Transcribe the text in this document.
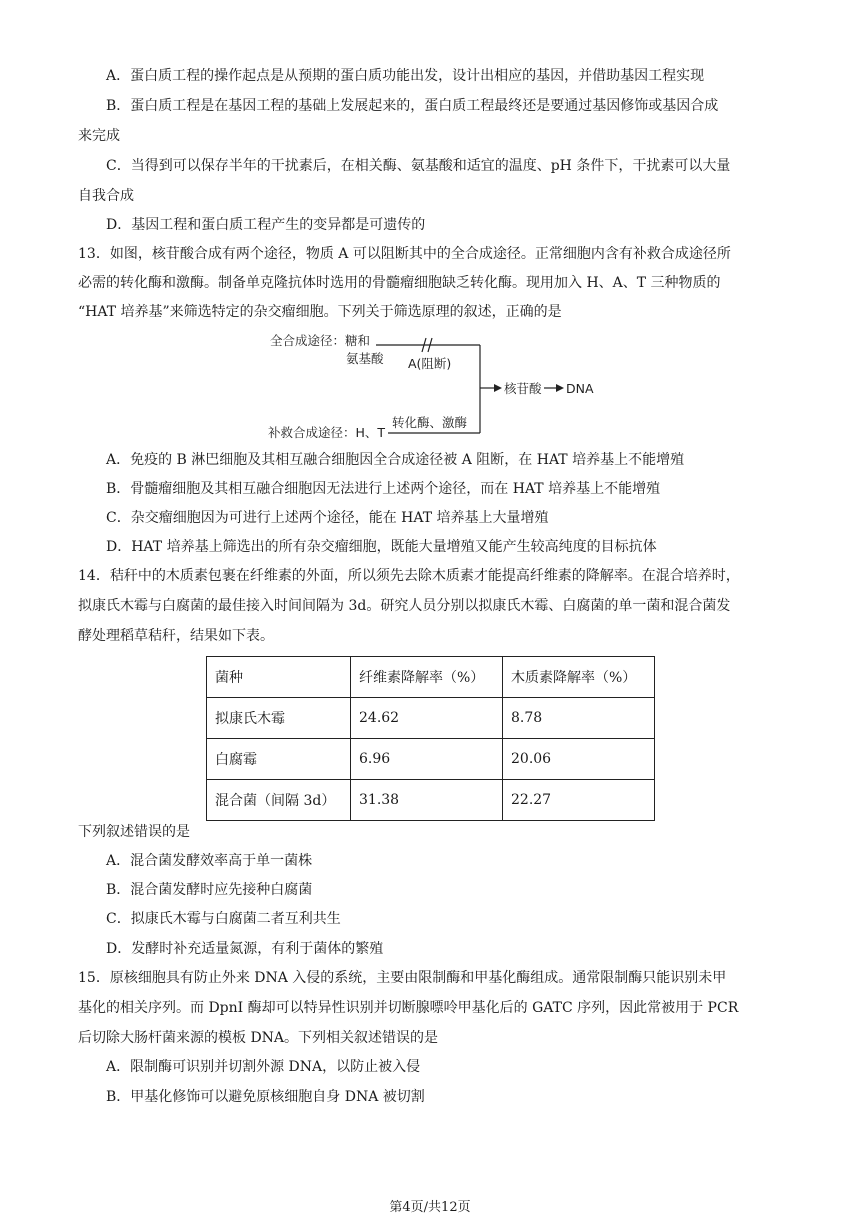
A．蛋白质工程的操作起点是从预期的蛋白质功能出发，设计出相应的基因，并借助基因工程实现
B．蛋白质工程是在基因工程的基础上发展起来的，蛋白质工程最终还是要通过基因修饰或基因合成
来完成
C．当得到可以保存半年的干扰素后，在相关酶、氨基酸和适宜的温度、pH 条件下，干扰素可以大量
自我合成
D．基因工程和蛋白质工程产生的变异都是可遗传的
13．如图，核苷酸合成有两个途径，物质 A 可以阻断其中的全合成途径。正常细胞内含有补救合成途径所
必需的转化酶和激酶。制备单克隆抗体时选用的骨髓瘤细胞缺乏转化酶。现用加入 H、A、T 三种物质的
“HAT 培养基”来筛选特定的杂交瘤细胞。下列关于筛选原理的叙述，正确的是
全合成途径：糖和
氨基酸 A(阻断)
核苷酸 DNA
补救合成途径：H、T
转化酶、激酶
A．免疫的 B 淋巴细胞及其相互融合细胞因全合成途径被 A 阻断，在 HAT 培养基上不能增殖
B．骨髓瘤细胞及其相互融合细胞因无法进行上述两个途径，而在 HAT 培养基上不能增殖
C．杂交瘤细胞因为可进行上述两个途径，能在 HAT 培养基上大量增殖
D．HAT 培养基上筛选出的所有杂交瘤细胞，既能大量增殖又能产生较高纯度的目标抗体
14．秸秆中的木质素包裹在纤维素的外面，所以须先去除木质素才能提高纤维素的降解率。在混合培养时，
拟康氏木霉与白腐菌的最佳接入时间间隔为 3d。研究人员分别以拟康氏木霉、白腐菌的单一菌和混合菌发
酵处理稻草秸秆，结果如下表。
菌种	纤维素降解率（%）	木质素降解率（%）
拟康氏木霉	24.62	8.78
白腐霉	6.96	20.06
混合菌（间隔 3d）	31.38	22.27
下列叙述错误的是
A．混合菌发酵效率高于单一菌株
B．混合菌发酵时应先接种白腐菌
C．拟康氏木霉与白腐菌二者互利共生
D．发酵时补充适量氮源，有利于菌体的繁殖
15．原核细胞具有防止外来 DNA 入侵的系统，主要由限制酶和甲基化酶组成。通常限制酶只能识别未甲
基化的相关序列。而 DpnI 酶却可以特异性识别并切断腺嘌呤甲基化后的 GATC 序列，因此常被用于 PCR
后切除大肠杆菌来源的模板 DNA。下列相关叙述错误的是
A．限制酶可识别并切割外源 DNA，以防止被入侵
B．甲基化修饰可以避免原核细胞自身 DNA 被切割
第4页/共12页
